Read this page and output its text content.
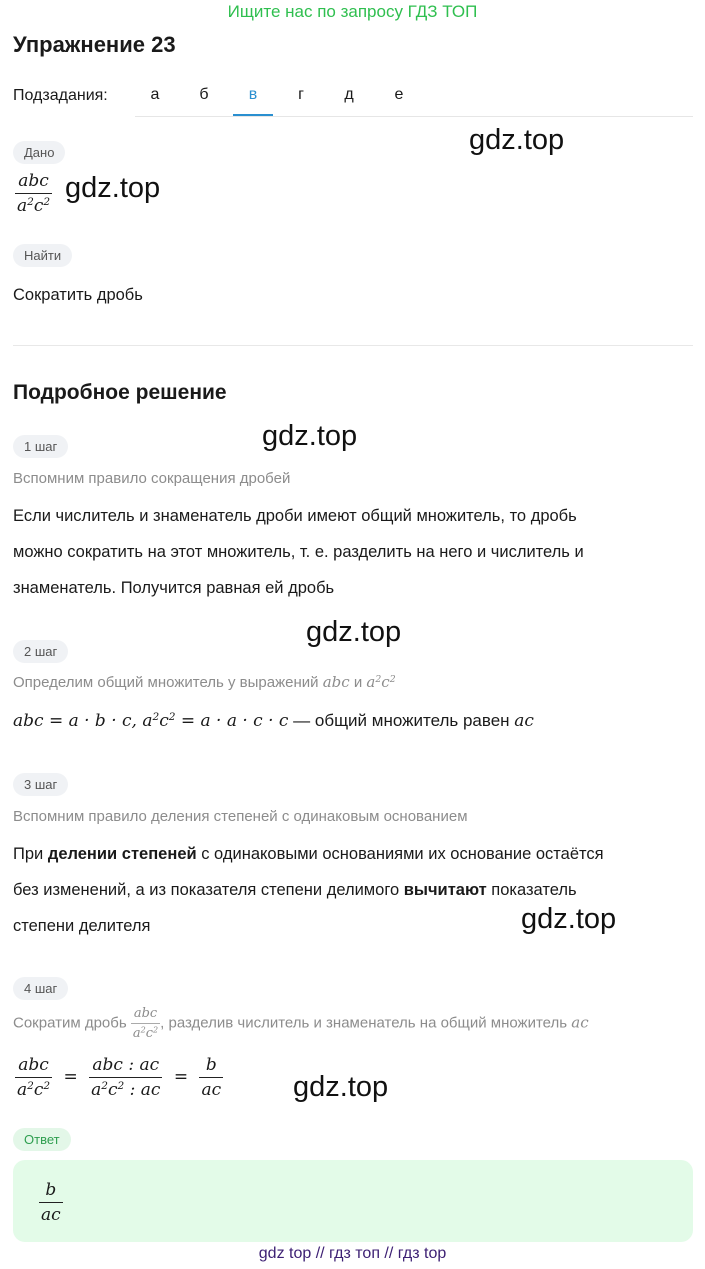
Ищите нас по запросу ГДЗ ТОП
Упражнение 23
Подзадания:	а	б	в	г	д	е
Дано	gdz.top
$\frac{\text{abc}}{a^2c^2} gdz.top$
Найти
Сократить дробь
Подробное решение
1 шаг	gdz.top
Вспомним правило сокращения дробей
Если числитель и знаменатель дроби имеют общий множитель, то дробь
можно сократить на этот множитель, т. е. разделить на него и числитель и
знаменатель. Получится равная ей дробь
2 шаг
gdz.top
Определим общий множитель у выражений abc и $a^2c^2$
abc = a · b · c, $a^2c^2 = a \cdot a \cdot c \cdot c$ — общий множитель равен ac
3 шаг
Вспомним правило деления степеней с одинаковым основанием
При делении степеней с одинаковыми основаниями их основание остаётся
без изменений, а из показателя степени делимого вычитают показатель
степени делителя	gdz.top
4 шаг
Сократим дробь $\frac{\text{abc}}{a^2c^2}$ , разделив числитель и знаменатель на общий множитель ac
$\frac{\text{abc}}{a^2c^2} = \frac{\text{abc : ac}}{a^2c^2 : ac} = \frac{b}{ac} gdz.top$
Ответ
$\frac{b}{ac}$
gdz top // гдз топ // гдз top
